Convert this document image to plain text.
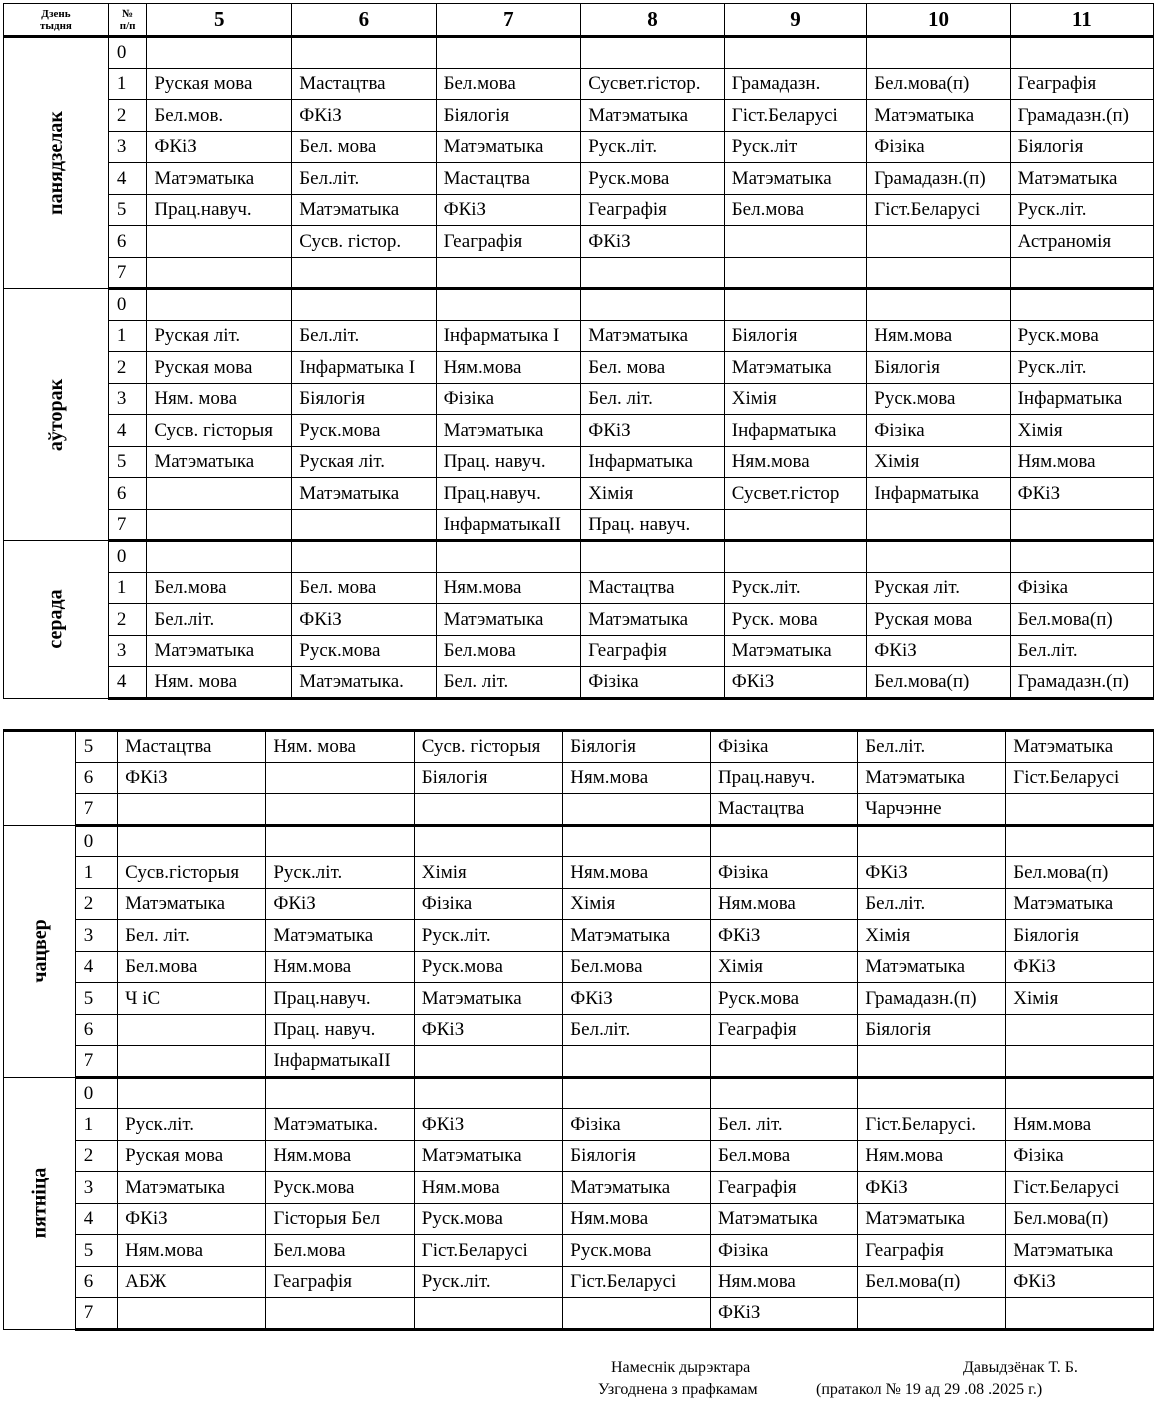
Дзень
тыдня	№
п/п	5	6	7	8	9	10	11
панядзелак	0							
	1	Руская мова	Мастацтва	Бел.мова	Сусвет.гістор.	Грамадазн.	Бел.мова(п)	Геаграфія
	2	Бел.мов.	ФКіЗ	Біялогія	Матэматыка	Гіст.Беларусі	Матэматыка	Грамадазн.(п)
	3	ФКіЗ	Бел. мова	Матэматыка	Руск.літ.	Руск.літ	Фізіка	Біялогія
	4	Матэматыка	Бел.літ.	Мастацтва	Руск.мова	Матэматыка	Грамадазн.(п)	Матэматыка
	5	Прац.навуч.	Матэматыка	ФКіЗ	Геаграфія	Бел.мова	Гіст.Беларусі	Руск.літ.
	6		Сусв. гістор.	Геаграфія	ФКіЗ			Астраномія
	7							
аўторак	0							
	1	Руская літ.	Бел.літ.	Інфарматыка I	Матэматыка	Біялогія	Ням.мова	Руск.мова
	2	Руская мова	Інфарматыка I	Ням.мова	Бел. мова	Матэматыка	Біялогія	Руск.літ.
	3	Ням. мова	Біялогія	Фізіка	Бел. літ.	Хімія	Руск.мова	Інфарматыка
	4	Сусв. гісторыя	Руск.мова	Матэматыка	ФКіЗ	Інфарматыка	Фізіка	Хімія
	5	Матэматыка	Руская літ.	Прац. навуч.	Інфарматыка	Ням.мова	Хімія	Ням.мова
	6		Матэматыка	Прац.навуч.	Хімія	Сусвет.гістор	Інфарматыка	ФКіЗ
	7			ІнфарматыкаІІ	Прац. навуч.			
серада	0							
	1	Бел.мова	Бел. мова	Ням.мова	Мастацтва	Руск.літ.	Руская літ.	Фізіка
	2	Бел.літ.	ФКіЗ	Матэматыка	Матэматыка	Руск. мова	Руская мова	Бел.мова(п)
	3	Матэматыка	Руск.мова	Бел.мова	Геаграфія	Матэматыка	ФКіЗ	Бел.літ.
	4	Ням. мова	Матэматыка.	Бел. літ.	Фізіка	ФКіЗ	Бел.мова(п)	Грамадазн.(п)
	5	Мастацтва	Ням. мова	Сусв. гісторыя	Біялогія	Фізіка	Бел.літ.	Матэматыка
	6	ФКіЗ		Біялогія	Ням.мова	Прац.навуч.	Матэматыка	Гіст.Беларусі
	7					Мастацтва	Чарчэнне	
чацвер	0							
	1	Сусв.гісторыя	Руск.літ.	Хімія	Ням.мова	Фізіка	ФКіЗ	Бел.мова(п)
	2	Матэматыка	ФКіЗ	Фізіка	Хімія	Ням.мова	Бел.літ.	Матэматыка
	3	Бел. літ.	Матэматыка	Руск.літ.	Матэматыка	ФКіЗ	Хімія	Біялогія
	4	Бел.мова	Ням.мова	Руск.мова	Бел.мова	Хімія	Матэматыка	ФКіЗ
	5	Ч іС	Прац.навуч.	Матэматыка	ФКіЗ	Руск.мова	Грамадазн.(п)	Хімія
	6		Прац. навуч.	ФКіЗ	Бел.літ.	Геаграфія	Біялогія	
	7		ІнфарматыкаІІ					
пятніца	0							
	1	Руск.літ.	Матэматыка.	ФКіЗ	Фізіка	Бел. літ.	Гіст.Беларусі.	Ням.мова
	2	Руская мова	Ням.мова	Матэматыка	Біялогія	Бел.мова	Ням.мова	Фізіка
	3	Матэматыка	Руск.мова	Ням.мова	Матэматыка	Геаграфія	ФКіЗ	Гіст.Беларусі
	4	ФКіЗ	Гісторыя Бел	Руск.мова	Ням.мова	Матэматыка	Матэматыка	Бел.мова(п)
	5	Ням.мова	Бел.мова	Гіст.Беларусі	Руск.мова	Фізіка	Геаграфія	Матэматыка
	6	АБЖ	Геаграфія	Руск.літ.	Гіст.Беларусі	Ням.мова	Бел.мова(п)	ФКіЗ
	7					ФКіЗ		
Намеснік дырэктара	Давыдзёнак Т. Б.
Узгоднена з прафкамам	(пратакол № 19 ад 29 .08 .2025 г.)
